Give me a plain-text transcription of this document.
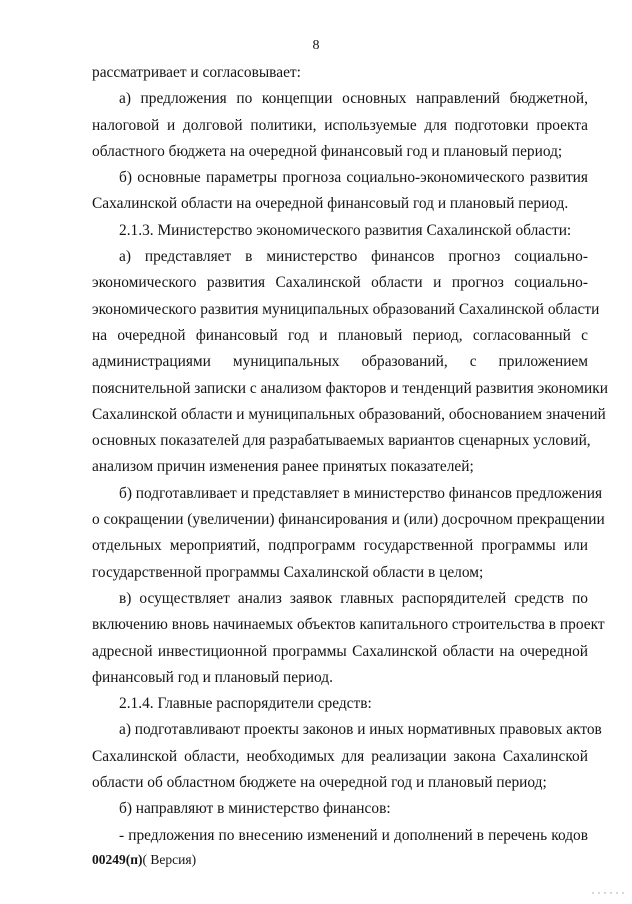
8
рассматривает и согласовывает:
а) предложения по концепции основных направлений бюджетной,
налоговой и долговой политики, используемые для подготовки проекта
областного бюджета на очередной финансовый год и плановый период;
б) основные параметры прогноза социально-экономического развития
Сахалинской области на очередной финансовый год и плановый период.
2.1.3. Министерство экономического развития Сахалинской области:
а) представляет в министерство финансов прогноз социально-
экономического развития Сахалинской области и прогноз социально-
экономического развития муниципальных образований Сахалинской области
на очередной финансовый год и плановый период, согласованный с
администрациями муниципальных образований, с приложением
пояснительной записки с анализом факторов и тенденций развития экономики
Сахалинской области и муниципальных образований, обоснованием значений
основных показателей для разрабатываемых вариантов сценарных условий,
анализом причин изменения ранее принятых показателей;
б) подготавливает и представляет в министерство финансов предложения
о сокращении (увеличении) финансирования и (или) досрочном прекращении
отдельных мероприятий, подпрограмм государственной программы или
государственной программы Сахалинской области в целом;
в) осуществляет анализ заявок главных распорядителей средств по
включению вновь начинаемых объектов капитального строительства в проект
адресной инвестиционной программы Сахалинской области на очередной
финансовый год и плановый период.
2.1.4. Главные распорядители средств:
а) подготавливают проекты законов и иных нормативных правовых актов
Сахалинской области, необходимых для реализации закона Сахалинской
области об областном бюджете на очередной год и плановый период;
б) направляют в министерство финансов:
- предложения по внесению изменений и дополнений в перечень кодов
00249(п)( Версия)
